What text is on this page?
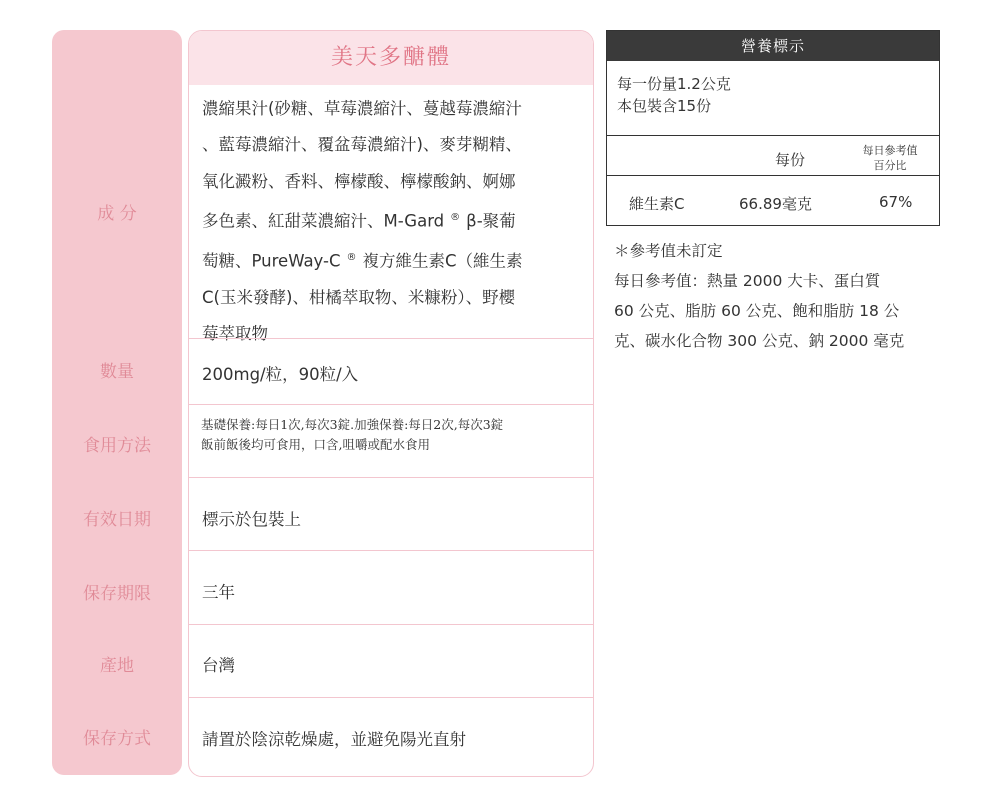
成 分
數量
食用方法
有效日期
保存期限
產地
保存方式
美天多醣體
濃縮果汁(砂糖、草莓濃縮汁、蔓越莓濃縮汁
、藍莓濃縮汁、覆盆莓濃縮汁)、麥芽糊精、
氧化澱粉、香料、檸檬酸、檸檬酸鈉、婀娜
多色素、紅甜菜濃縮汁、M-Gard ® β-聚葡
萄糖、PureWay-C ® 複方維生素C（維生素
C(玉米發酵)、柑橘萃取物、米糠粉）、野櫻
莓萃取物
200mg/粒，90粒/入
基礎保養:每日1次,每次3錠.加強保養:每日2次,每次3錠
飯前飯後均可食用，口含,咀嚼或配水食用
標示於包裝上
三年
台灣
請置於陰涼乾燥處，並避免陽光直射
營養標示
每一份量1.2公克
本包裝含15份
每份
每日參考值
百分比
維生素C	66.89毫克	67%
＊參考值未訂定
每日參考值：熱量 2000 大卡、蛋白質
60 公克、脂肪 60 公克、飽和脂肪 18 公
克、碳水化合物 300 公克、鈉 2000 毫克
